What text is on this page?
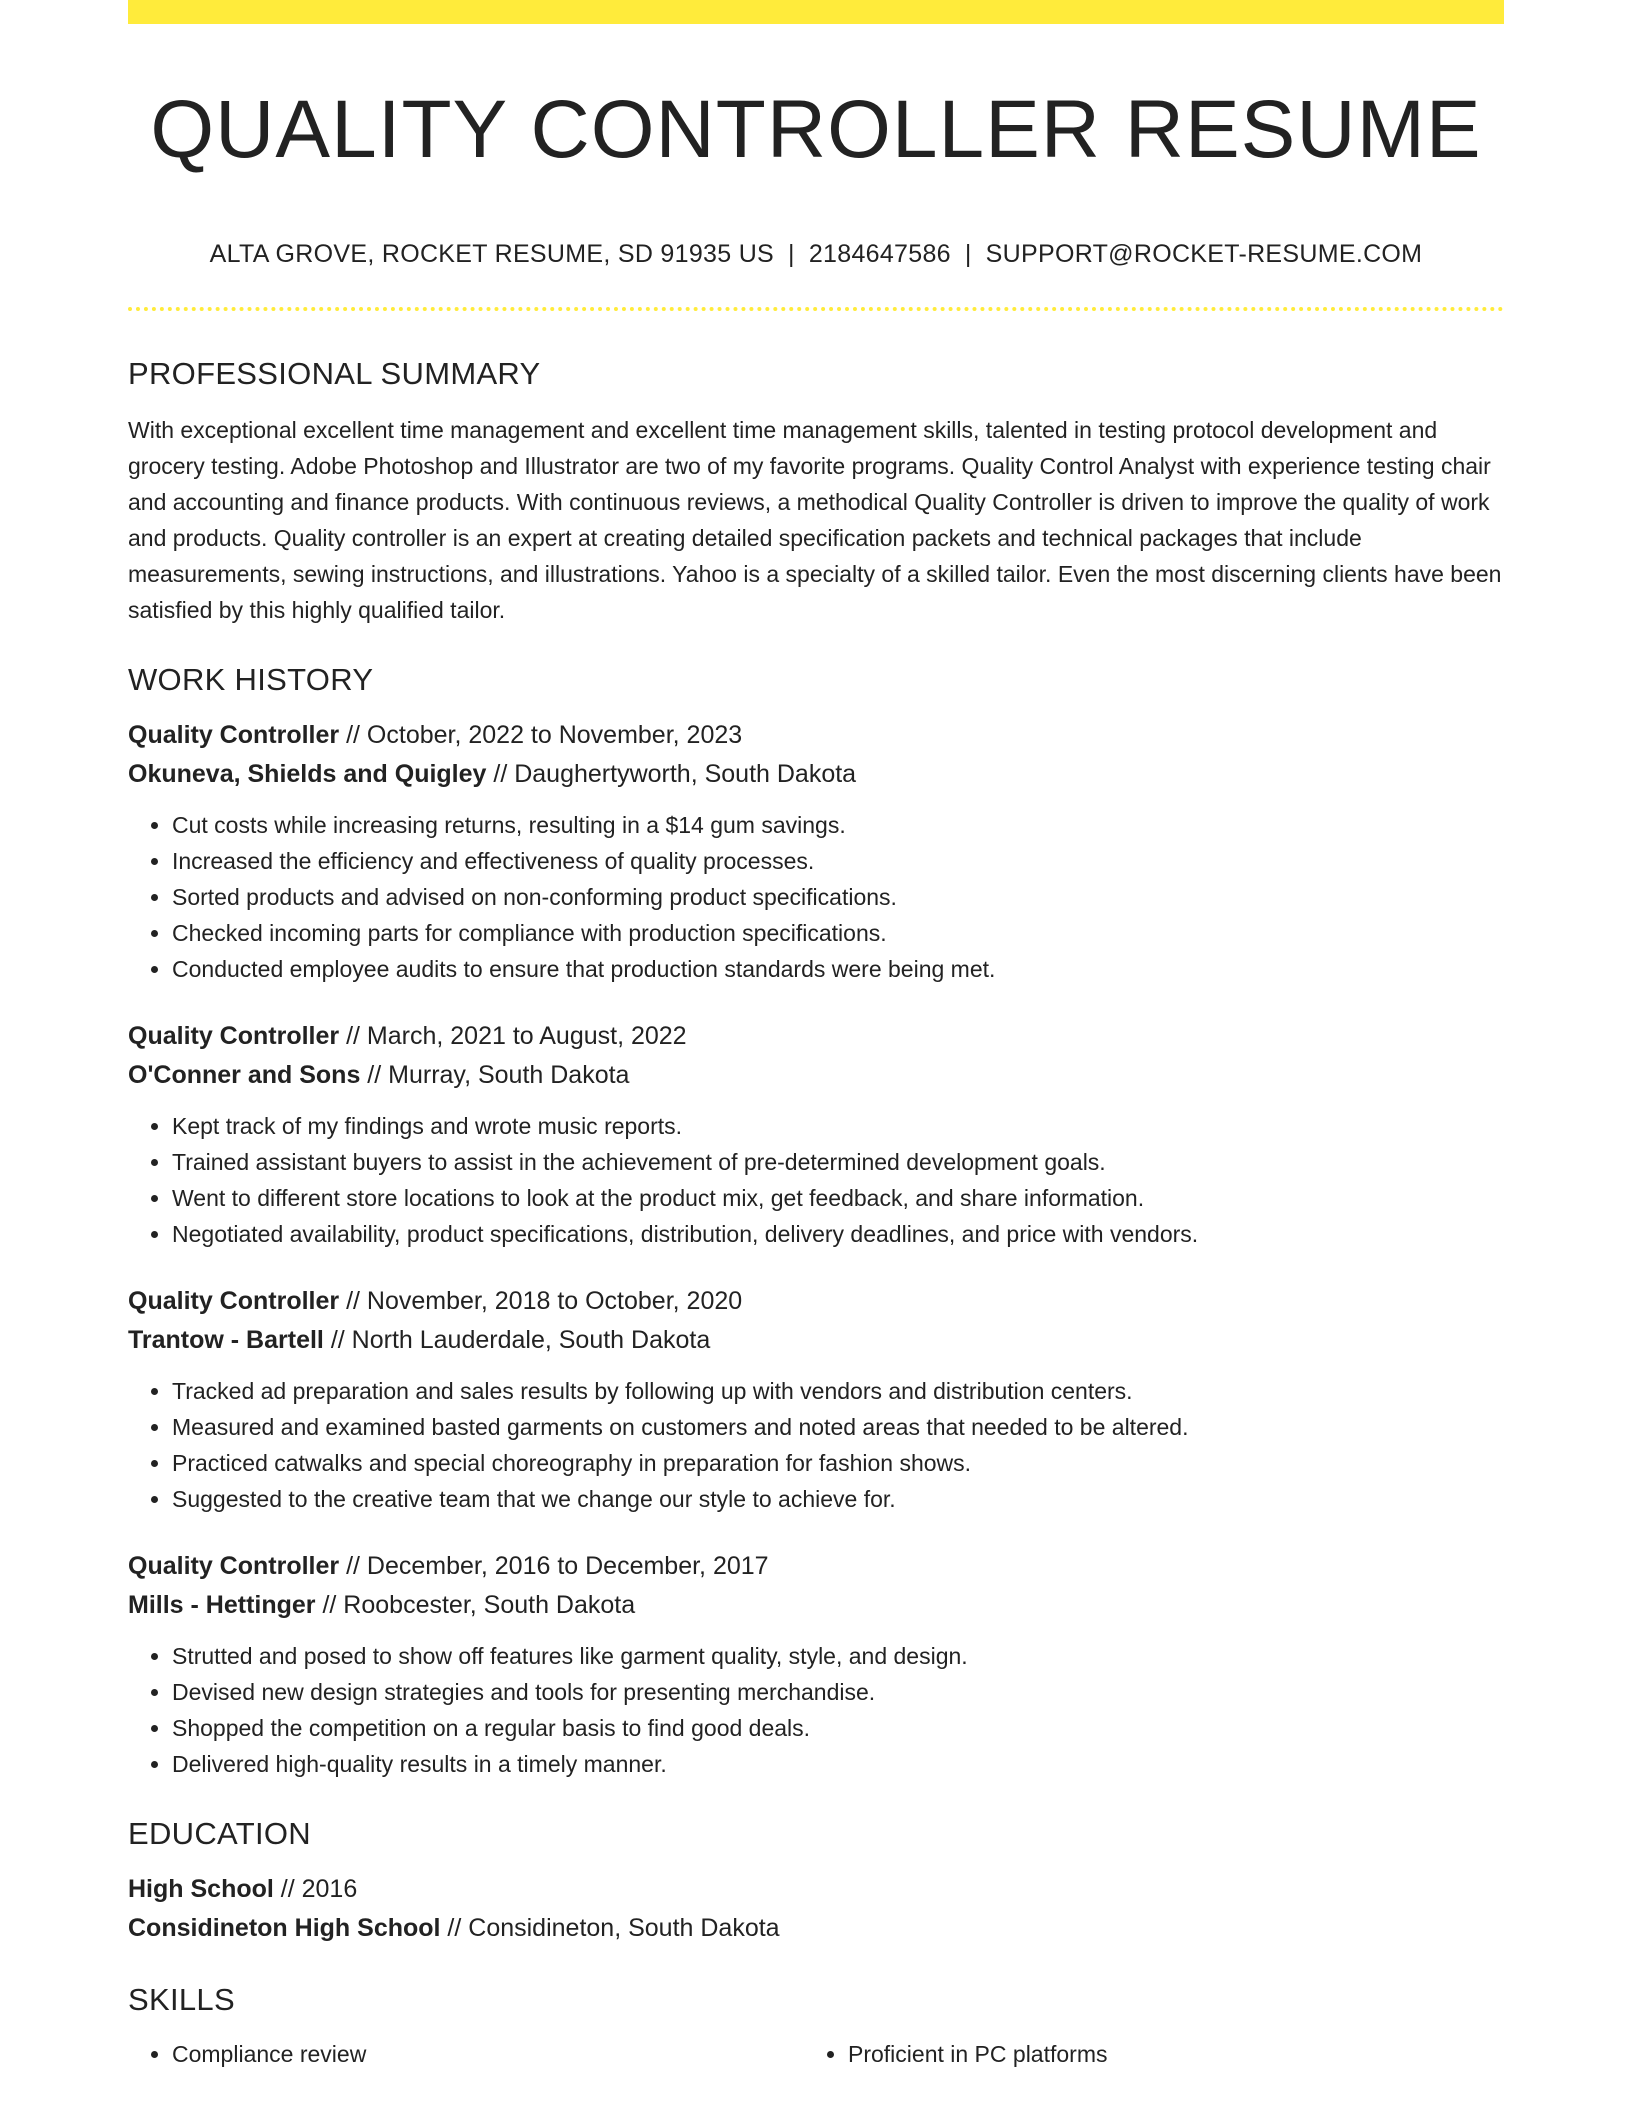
QUALITY CONTROLLER RESUME
ALTA GROVE, ROCKET RESUME, SD 91935 US | 2184647586 | SUPPORT@ROCKET-RESUME.COM
PROFESSIONAL SUMMARY

With exceptional excellent time management and excellent time management skills, talented in testing protocol development and grocery testing. Adobe Photoshop and Illustrator are two of my favorite programs. Quality Control Analyst with experience testing chair and accounting and finance products. With continuous reviews, a methodical Quality Controller is driven to improve the quality of work and products. Quality controller is an expert at creating detailed specification packets and technical packages that include measurements, sewing instructions, and illustrations. Yahoo is a specialty of a skilled tailor. Even the most discerning clients have been satisfied by this highly qualified tailor.

WORK HISTORY
Quality Controller // October, 2022 to November, 2023
Okuneva, Shields and Quigley // Daughertyworth, South Dakota
• Cut costs while increasing returns, resulting in a $14 gum savings.
• Increased the efficiency and effectiveness of quality processes.
• Sorted products and advised on non-conforming product specifications.
• Checked incoming parts for compliance with production specifications.
• Conducted employee audits to ensure that production standards were being met.
Quality Controller // March, 2021 to August, 2022
O'Conner and Sons // Murray, South Dakota
• Kept track of my findings and wrote music reports.
• Trained assistant buyers to assist in the achievement of pre-determined development goals.
• Went to different store locations to look at the product mix, get feedback, and share information.
• Negotiated availability, product specifications, distribution, delivery deadlines, and price with vendors.
Quality Controller // November, 2018 to October, 2020
Trantow - Bartell // North Lauderdale, South Dakota
• Tracked ad preparation and sales results by following up with vendors and distribution centers.
• Measured and examined basted garments on customers and noted areas that needed to be altered.
• Practiced catwalks and special choreography in preparation for fashion shows.
• Suggested to the creative team that we change our style to achieve for.
Quality Controller // December, 2016 to December, 2017
Mills - Hettinger // Roobcester, South Dakota
• Strutted and posed to show off features like garment quality, style, and design.
• Devised new design strategies and tools for presenting merchandise.
• Shopped the competition on a regular basis to find good deals.
• Delivered high-quality results in a timely manner.
EDUCATION
High School // 2016
Considineton High School // Considineton, South Dakota
SKILLS
• Compliance review
•	Proficient in PC platforms
